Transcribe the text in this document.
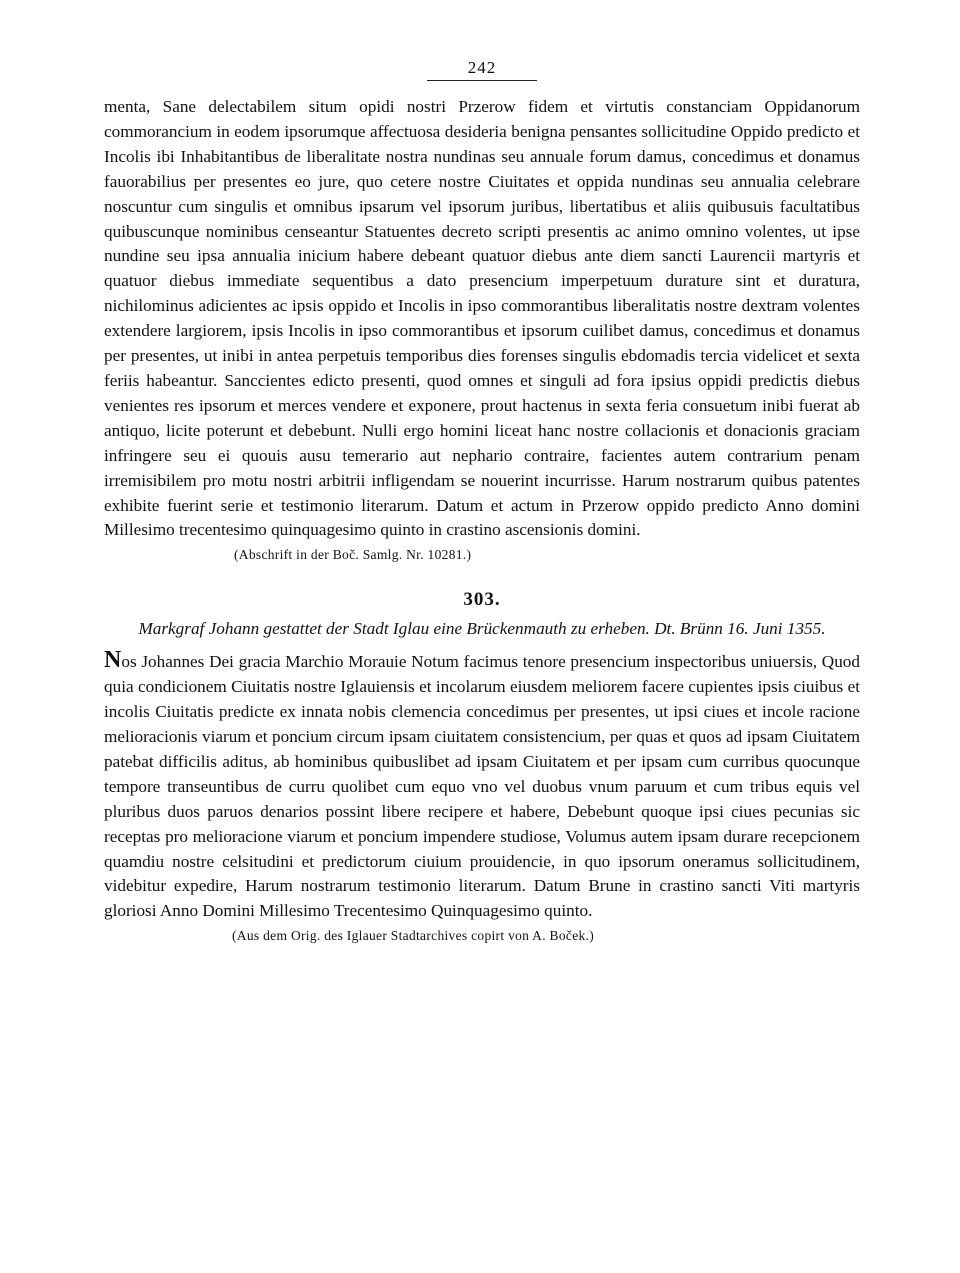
242

menta, Sane delectabilem situm opidi nostri Przerow fidem et virtutis constanciam Oppidanorum commorancium in eodem ipsorumque affectuosa desideria benigna pensantes sollicitudine Oppido predicto et Incolis ibi Inhabitantibus de liberalitate nostra nundinas seu annuale forum damus, concedimus et donamus fauorabilius per presentes eo jure, quo cetere nostre Ciuitates et oppida nundinas seu annualia celebrare noscuntur cum singulis et omnibus ipsarum vel ipsorum juribus, libertatibus et aliis quibusuis facultatibus quibuscunque nominibus censeantur Statuentes decreto scripti presentis ac animo omnino volentes, ut ipse nundine seu ipsa annualia inicium habere debeant quatuor diebus ante diem sancti Laurencii martyris et quatuor diebus immediate sequentibus a dato presencium imperpetuum durature sint et duratura, nichilominus adicientes ac ipsis oppido et Incolis in ipso commorantibus liberalitatis nostre dextram volentes extendere largiorem, ipsis Incolis in ipso commorantibus et ipsorum cuilibet damus, concedimus et donamus per presentes, ut inibi in antea perpetuis temporibus dies forenses singulis ebdomadis tercia videlicet et sexta feriis habeantur. Sanccientes edicto presenti, quod omnes et singuli ad fora ipsius oppidi predictis diebus venientes res ipsorum et merces vendere et exponere, prout hactenus in sexta feria consuetum inibi fuerat ab antiquo, licite poterunt et debebunt. Nulli ergo homini liceat hanc nostre collacionis et donacionis graciam infringere seu ei quouis ausu temerario aut nephario contraire, facientes autem contrarium penam irremisibilem pro motu nostri arbitrii infligendam se nouerint incurrisse. Harum nostrarum quibus patentes exhibite fuerint serie et testimonio literarum. Datum et actum in Przerow oppido predicto Anno domini Millesimo trecentesimo quinquagesimo quinto in crastino ascensionis domini.

(Abschrift in der Boč. Samlg. Nr. 10281.)
303.
Markgraf Johann gestattet der Stadt Iglau eine Brückenmauth zu erheben. Dt. Brünn 16. Juni 1355.

Nos Johannes Dei gracia Marchio Morauie Notum facimus tenore presencium inspectoribus uniuersis, Quod quia condicionem Ciuitatis nostre Iglauiensis et incolarum eiusdem meliorem facere cupientes ipsis ciuibus et incolis Ciuitatis predicte ex innata nobis clemencia concedimus per presentes, ut ipsi ciues et incole racione melioracionis viarum et poncium circum ipsam ciuitatem consistencium, per quas et quos ad ipsam Ciuitatem patebat difficilis aditus, ab hominibus quibuslibet ad ipsam Ciuitatem et per ipsam cum curribus quocunque tempore transeuntibus de curru quolibet cum equo vno vel duobus vnum paruum et cum tribus equis vel pluribus duos paruos denarios possint libere recipere et habere, Debebunt quoque ipsi ciues pecunias sic receptas pro melioracione viarum et poncium impendere studiose, Volumus autem ipsam durare recepcionem quamdiu nostre celsitudini et predictorum ciuium prouidencie, in quo ipsorum oneramus sollicitudinem, videbitur expedire, Harum nostrarum testimonio literarum. Datum Brune in crastino sancti Viti martyris gloriosi Anno Domini Millesimo Trecentesimo Quinquagesimo quinto.

(Aus dem Orig. des Iglauer Stadtarchives copirt von A. Boček.)
